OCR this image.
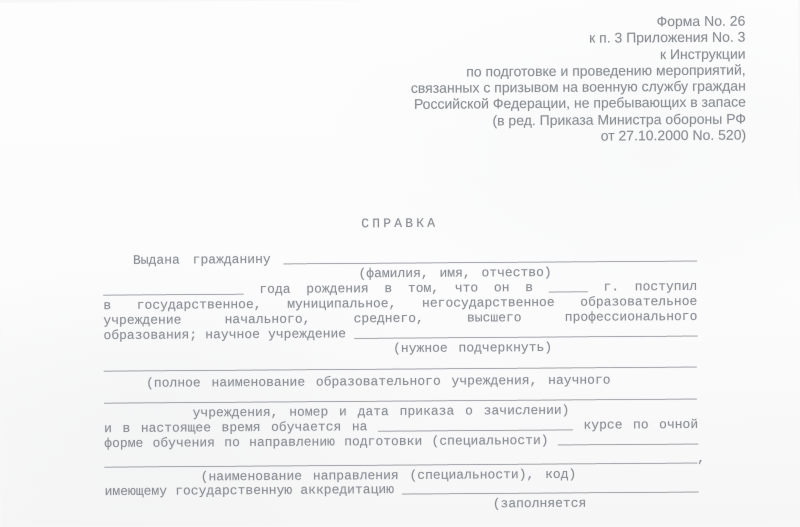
Форма No. 26
к п. 3 Приложения No. 3
к Инструкции
по подготовке и проведению мероприятий,
связанных с призывом на военную службу граждан
Российской Федерации, не пребывающих в запасе
(в ред. Приказа Министра обороны РФ
от 27.10.2000 No. 520)
СПРАВКА
Выдана гражданину _____________________________________________________
(фамилия, имя, отчество)
__________________ года рождения в том, что он в _____ г. поступил
в государственное, муниципальное, негосударственное образовательное
учреждение начального, среднего, высшего профессионального
образования; научное учреждение ____________________________________________
(нужное подчеркнуть)
____________________________________________________________________________
(полное наименование образовательного учреждения, научного
____________________________________________________________________________
учреждения, номер и дата приказа о зачислении)
и в настоящее время обучается на _________________________ курсе по очной
форме обучения по направлению подготовки (специальности) __________________
____________________________________________________________________________,
(наименование направления (специальности), код)
имеющему государственную аккредитацию ______________________________________
(заполняется
